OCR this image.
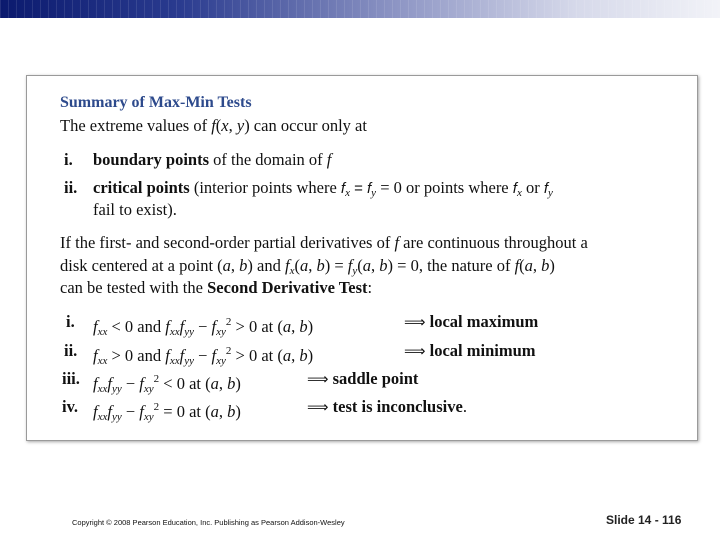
Summary of Max-Min Tests
The extreme values of f(x, y) can occur only at
i. boundary points of the domain of f
ii. critical points (interior points where $f_x = f_y = 0$ or points where $f_x$ or $f_y$
fail to exist).
If the first- and second-order partial derivatives of f are continuous throughout a
disk centered at a point (a, b) and $f_x(a$, $b) = f_y(a$, b) = 0, the nature of f(a, b)
can be tested with the Second Derivative Test:
i. $f_{xx} < 0$ and $f_{xx}f_{yy} - f_{xy}^2 > 0$ at (a, b)	⟹ local maximum
ii. $f_{xx} > 0$ and $f_{xx}f_{yy} - f_{xy}^2 > 0$ at (a, b)	⟹ local minimum
iii. $f_{xx}f_{yy} - f_{xy}^2 < 0$ at (a, b)	⟹ saddle point
iv. $f_{xx}f_{yy} - f_{xy}^2 = 0$ at (a, b)	⟹ test is inconclusive.
Copyright © 2008 Pearson Education, Inc. Publishing as Pearson Addison-Wesley	Slide 14 - 116
